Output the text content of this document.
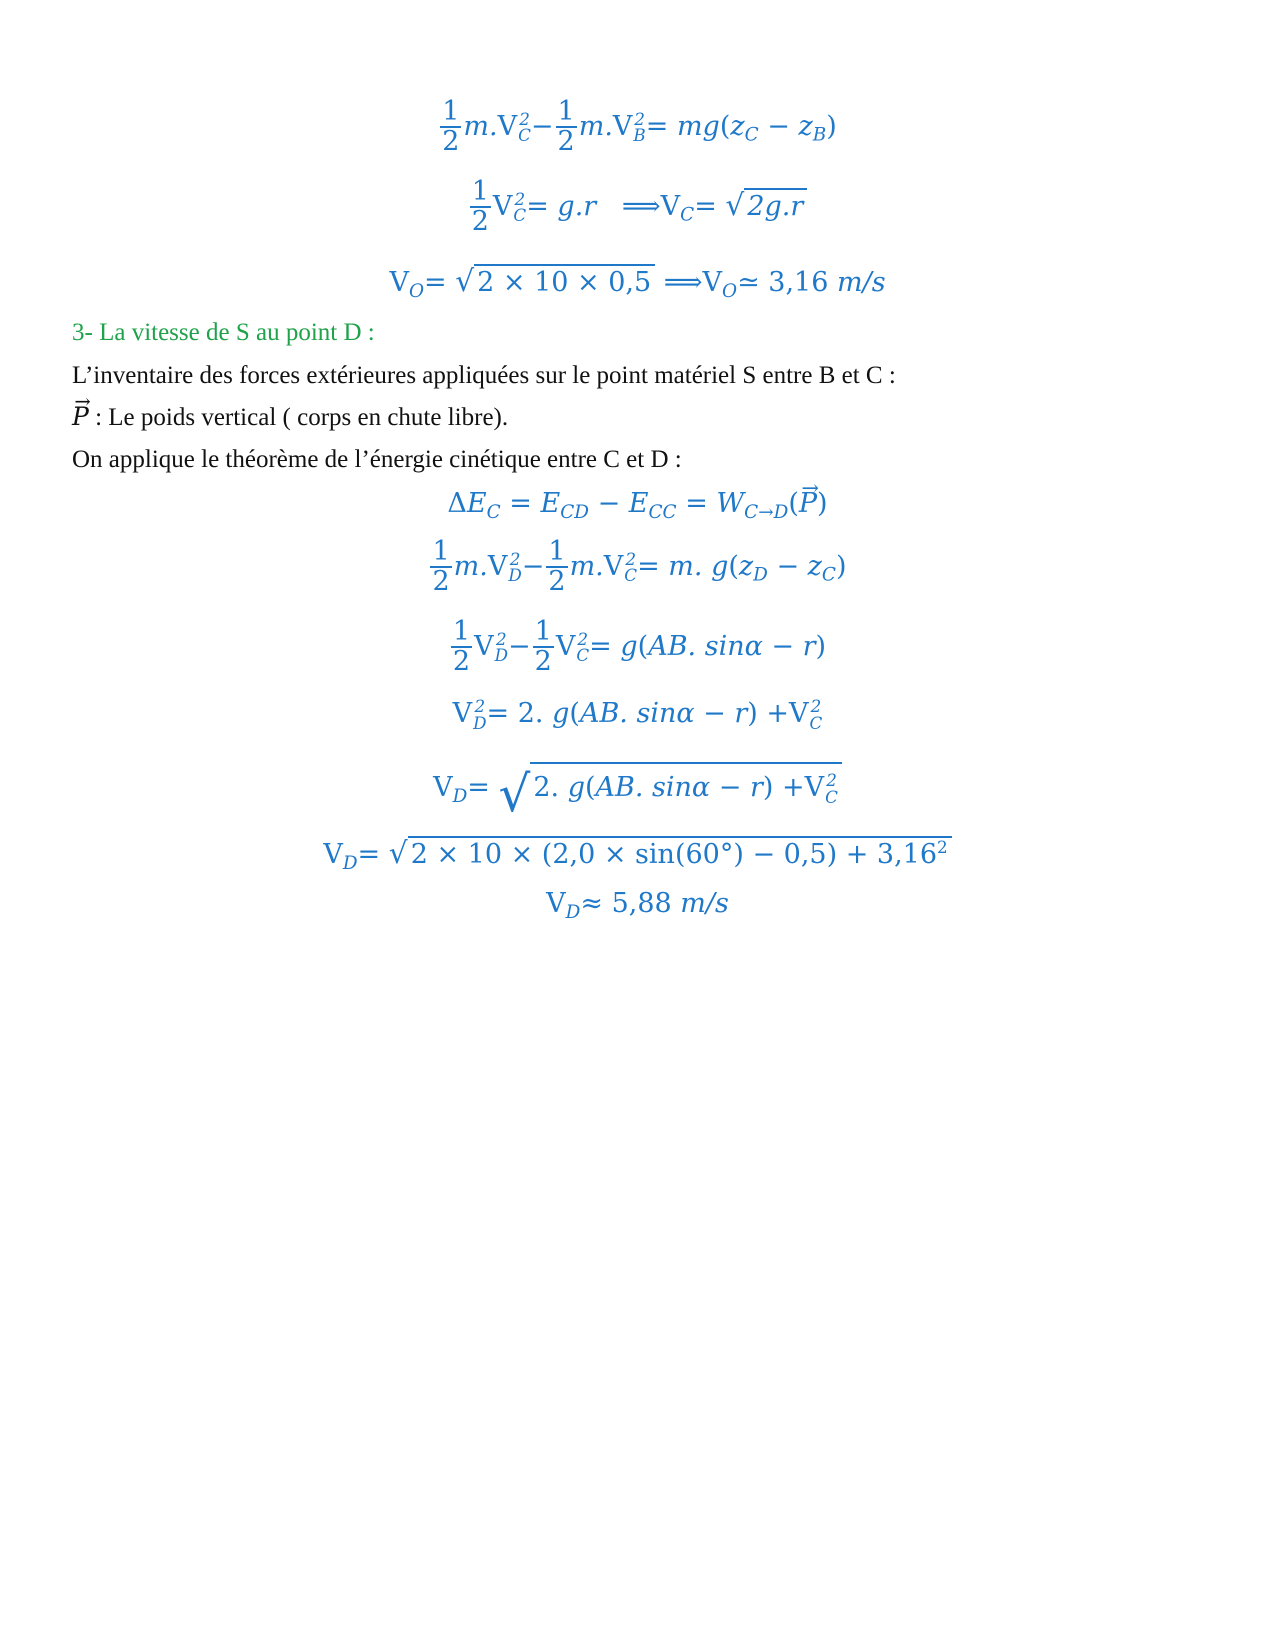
$\frac{1}{2} m.V$ 2
$C - \frac{1}{2} m.V$ 2
$B = mg(z_C - z_B)$
$\frac{1}{2}$ V 2
C = g.r   $⟹V_C=$ √ 2g.r
$V_O=$ √ 2 × 10 × 0,5 $⟹V_O≃$ 3,16 m/s
3- La vitesse de S au point D :
L’inventaire des forces extérieures appliquées sur le point matériel S entre B et C :
→ P : Le poids vertical ( corps en chute libre).
On applique le théorème de l’énergie cinétique entre C et D :
$\Delta E_C = E_{CD} - E_{CC} = W_{C\to D}(\to P)$
$\frac{1}{2} m.V$ 2
$D - \frac{1}{2} m.V$ 2
C = m. $g(z_D - z_C)$
$\frac{1}{2}$ V 2
$D - \frac{1}{2}$ V 2
C = g(AB. sinα − r)
V 2
D = 2. g(AB. sinα − r) +V 2
C
$V_D=$ √ 2. g(AB. sinα − r) +V 2
C
$V_D=$ √ $2 \times 10 \times (2,0 \times \sin(60^\circ) - 0,5) + 3,16^2$
$V_D\approx 5,88$ m/s
